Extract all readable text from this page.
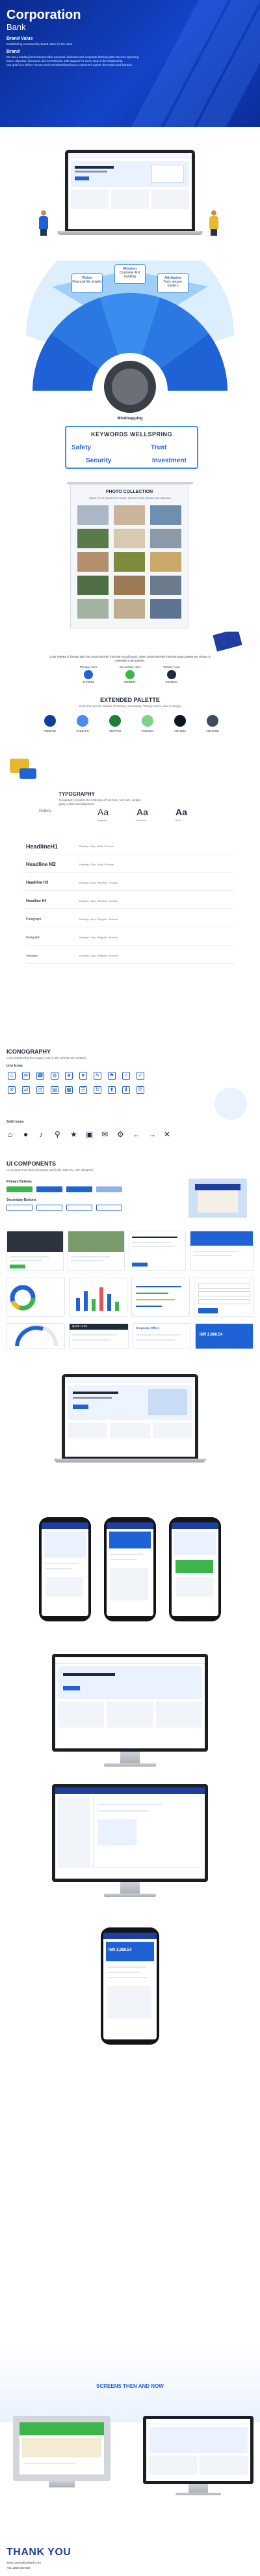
Corporation
Bank
Brand Value
Establishing a trustworthy brand value for the bank
Brand
We are a leading bank that provides personal, business and corporate banking with services spanning
loans, deposits, insurance and investments, with support for every step of the relationship.
Our goal is to deliver secure and convenient banking to customers across the region and beyond.
Vision
Financial life simpler
Mission
Customer-first banking	Attributes
Trust, secure, modern
Mindmapping
KEYWORDS WELLSPRING
Safety	Trust
Security	Investment
PHOTO COLLECTION
Based on the mood of the brand, selected these pictures and collection
Color Palette is formed with the colors derived from the mood board. Other colors derived from the base palette are shown in extended color palette.
Primary color	Secondary color	Tertiary color
#1F62D6	#3CB54A	#1D2B3A
EXTENDED PALETTE
Color that are the shades of Primary, Secondary, Tertiary colors used in design
#0E3F9E	#4D8AF0	#1E7F36	#7ED28A	#0F1822	#3E4C5D
TYPOGRAPHY
Typography includes the selection of font face, font size, weight, giving colors and alignment.
Roboto	Aa	Aa	Aa
Regular	Medium	Bold
HeadlineH1	Desktop: 32px / Bold / Roboto
Headline H2	Desktop: 24px / Bold / Roboto
Headline H3	Desktop: 20px / Medium / Roboto
Headline H4	Desktop: 16px / Medium / Roboto
Paragraph	Desktop: 14px / Regular / Roboto
Paragraph	Desktop: 12px / Regular / Roboto
Paragraph	Desktop: 10px / Regular / Roboto
ICONOGRAPHY
Icons interpreting the images used in the website are created
Line Icons
Solid Icons
⌂ ● ♪ ⚲ ★ ▣ ✉ ⚙ ← → ✕
⌂	✉	☎	⚙	★	♥	✎	⚑	⌕	✓
✕	⇄	◷	▤ ▦	☰	↻	⬆	⬇	✆
UI COMPONENTS
UI Components such as buttons and fields, tabs etc., are designed.
Primary Buttons
Secondary Buttons
Quick Links
Corporate Offers
INR 2,986.54
INR 2,986.54
SCREENS THEN AND NOW
THANK YOU
www.corporationbank.com
+91 1800 000 000
